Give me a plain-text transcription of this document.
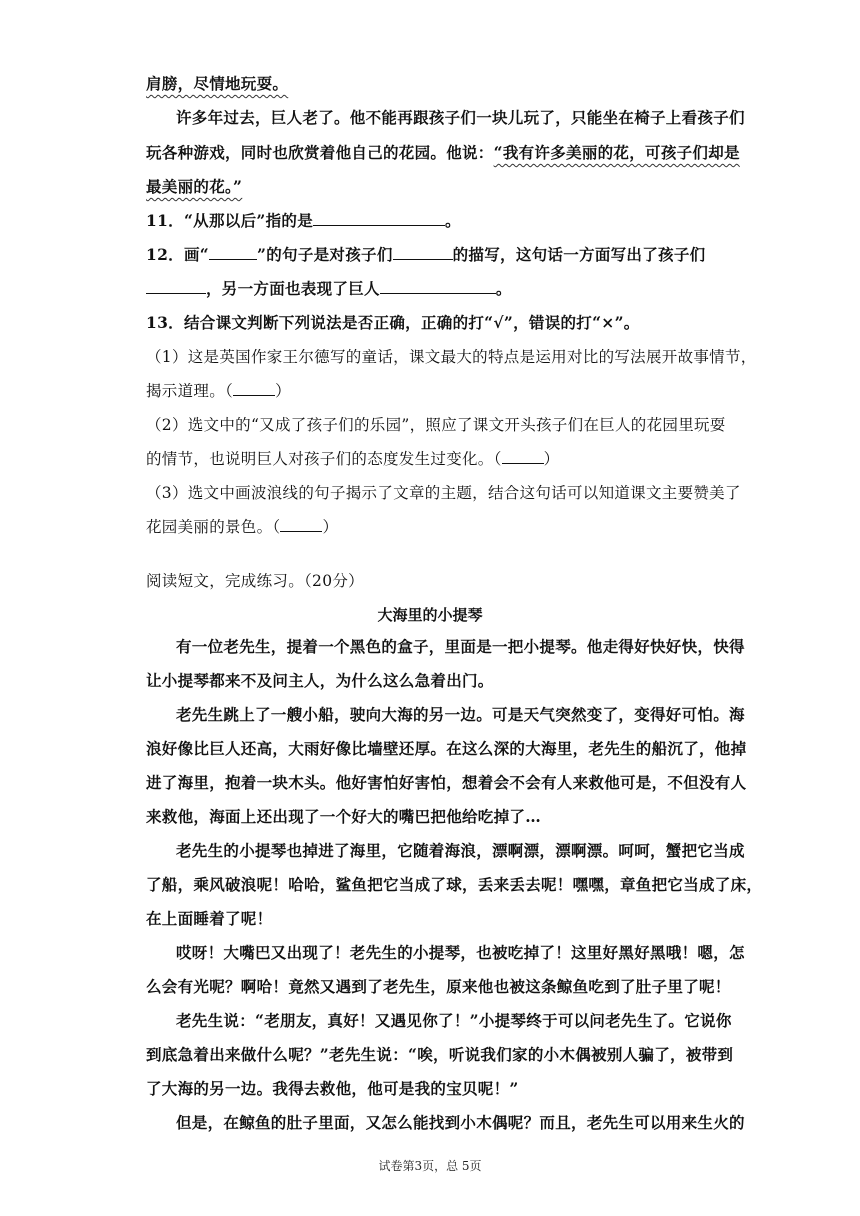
肩膀，尽情地玩耍。
许多年过去，巨人老了。他不能再跟孩子们一块儿玩了，只能坐在椅子上看孩子们
玩各种游戏，同时也欣赏着他自己的花园。他说：“我有许多美丽的花，可孩子们却是
最美丽的花。”
11．“从那以后”指的是	。
12．画“	”的句子是对孩子们	的描写，这句话一方面写出了孩子们
，另一方面也表现了巨人	。
13．结合课文判断下列说法是否正确，正确的打“√”，错误的打“×”。
（1）这是英国作家王尔德写的童话，课文最大的特点是运用对比的写法展开故事情节，
揭示道理。（	）
（2）选文中的“又成了孩子们的乐园”，照应了课文开头孩子们在巨人的花园里玩耍
的情节，也说明巨人对孩子们的态度发生过变化。（	）
（3）选文中画波浪线的句子揭示了文章的主题，结合这句话可以知道课文主要赞美了
花园美丽的景色。（	）
阅读短文，完成练习。（20分）
大海里的小提琴
有一位老先生，提着一个黑色的盒子，里面是一把小提琴。他走得好快好快，快得
让小提琴都来不及问主人，为什么这么急着出门。
老先生跳上了一艘小船，驶向大海的另一边。可是天气突然变了，变得好可怕。海
浪好像比巨人还高，大雨好像比墙壁还厚。在这么深的大海里，老先生的船沉了，他掉
进了海里，抱着一块木头。他好害怕好害怕，想着会不会有人来救他可是，不但没有人
来救他，海面上还出现了一个好大的嘴巴把他给吃掉了…
老先生的小提琴也掉进了海里，它随着海浪，漂啊漂，漂啊漂。呵呵，蟹把它当成
了船，乘风破浪呢！哈哈，鲨鱼把它当成了球，丢来丢去呢！嘿嘿，章鱼把它当成了床，
在上面睡着了呢！
哎呀！大嘴巴又出现了！老先生的小提琴，也被吃掉了！这里好黑好黑哦！嗯，怎
么会有光呢？啊哈！竟然又遇到了老先生，原来他也被这条鲸鱼吃到了肚子里了呢！
老先生说：“老朋友，真好！又遇见你了！”小提琴终于可以问老先生了。它说你
到底急着出来做什么呢？”老先生说：“唉，听说我们家的小木偶被别人骗了，被带到
了大海的另一边。我得去救他，他可是我的宝贝呢！”
但是，在鲸鱼的肚子里面，又怎么能找到小木偶呢？而且，老先生可以用来生火的
试卷第3页，总 5页
